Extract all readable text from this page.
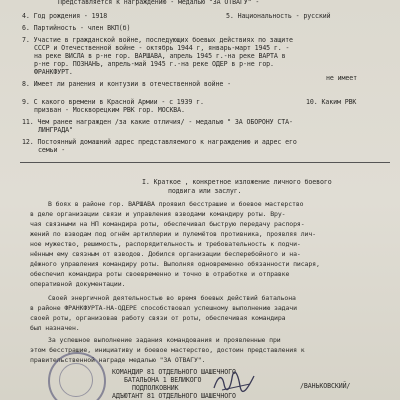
Представляется к награждению - медалью "ЗА ОТВАГУ" -
4. Год рождения - 1918	5. Национальность - русский
6. Партийность - член ВКП(б)
7. Участие в гражданской войне, последующих боевых действиях по защите
СССР и Отечественной войне - октябрь 1944 г, январь-март 1945 г. -
на реке ВИСЛА в р-не гор. ВАРШАВА, апрель 1945 г.-на реке ВАРТА в
р-не гор. ПОЗНАНЬ, апрель-май 1945 г.-на реке ОДЕР в р-не гор.
ФРАНКФУРТ.
8. Имеет ли ранения и контузии в отечественной войне -
не имеет
9. С какого времени в Красной Армии - с 1939 г.	10. Каким РВК
призван - Москворецким РВК гор. МОСКВА.
11. Чем ранее награжден /за какие отличия/ - медалью " ЗА ОБОРОНУ СТА-
ЛИНГРАДА"
12. Постоянный домашний адрес представляемого к награждению и адрес его
семьи -
I. Краткое , конкретное изложение личного боевого
подвига или заслуг.
В боях в районе гор. ВАРШАВА проявил бесстрашие и боевое мастерство
в деле организации связи и управления взводами командиру роты. Вру-
чая связными на НП командира роты, обеспечивал быструю передачу распоря-
жений по взводам под огнём артиллерии и пулемётов противника, проявляя лич-
ное мужество, решимость, распорядительность и требовательность к подчи-
нённым ему связным от взводов. Добился организации бесперебойного и на-
дёжного управления командиру роты. Выполняя одновременно обязанности писаря,
обеспечил командира роты своевременно и точно в отработке и отправке
оперативной документации.
Своей энергичной деятельностью во время боевых действий батальона
в районе ФРАНКФУРТА-НА-ОДЕРЕ способствовал успешному выполнению задачи
своей роты, организовав работу связи от роты, обеспечивая командира
был назначен.
За успешное выполнение задания командования и проявленные при
этом бесстрашие, инициативу и боевое мастерство, достоин представления к
правительственной награде медалью "ЗА ОТВАГУ".
КОМАНДИР 81 ОТДЕЛЬНОГО ШАШЕЧНОГО
БАТАЛЬОНА 1 ВЕЛИКОГО
ПОДПОЛКОВНИК
АДЪЮТАНТ 81 ОТДЕЛЬНОГО ШАШЕЧНОГО
/ВАНЬКОВСКИЙ/
